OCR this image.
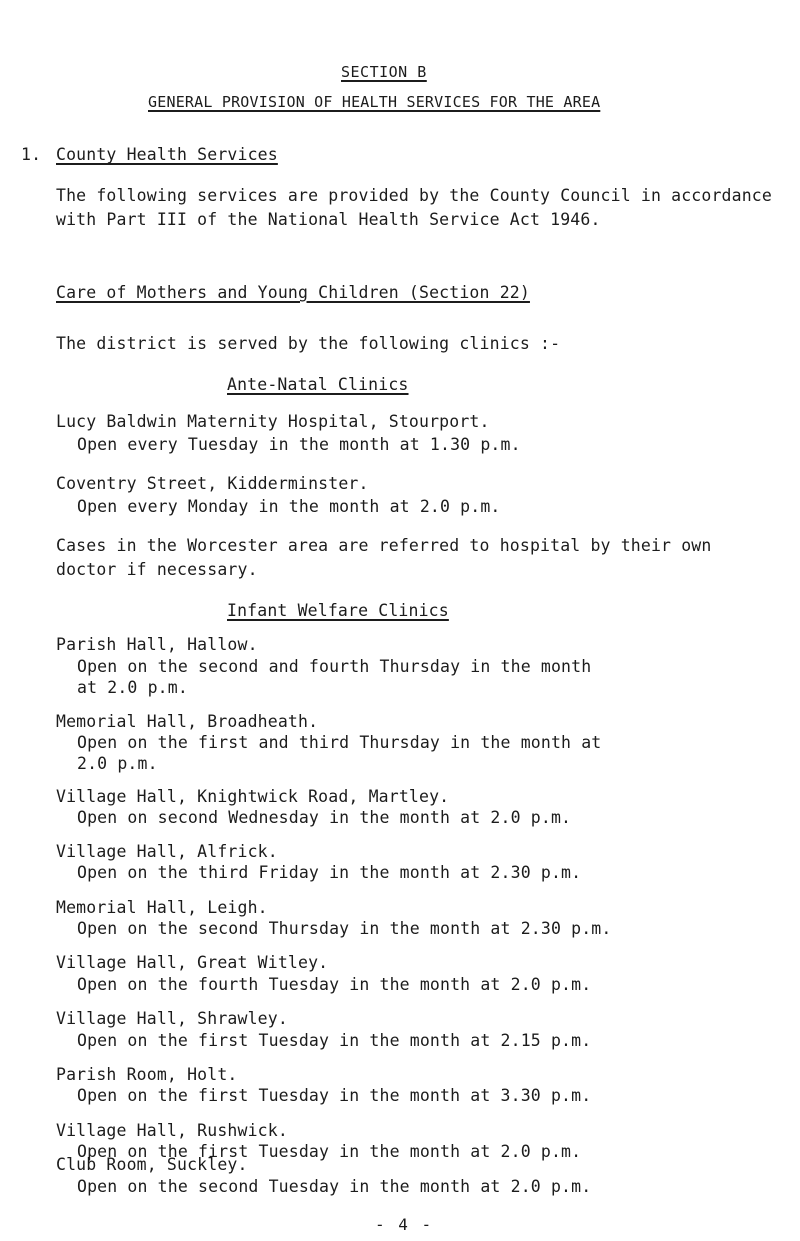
SECTION B
GENERAL PROVISION OF HEALTH SERVICES FOR THE AREA
1. County Health Services
The following services are provided by the County Council in accordance with Part III of the National Health Service Act 1946.
Care of Mothers and Young Children (Section 22)
The district is served by the following clinics :-
Ante-Natal Clinics
Lucy Baldwin Maternity Hospital, Stourport.
Open every Tuesday in the month at 1.30 p.m.
Coventry Street, Kidderminster.
Open every Monday in the month at 2.0 p.m.
Cases in the Worcester area are referred to hospital by their own doctor if necessary.
Infant Welfare Clinics
Parish Hall, Hallow.
Open on the second and fourth Thursday in the month
at 2.0 p.m.
Memorial Hall, Broadheath.
Open on the first and third Thursday in the month at
2.0 p.m.
Village Hall, Knightwick Road, Martley.
Open on second Wednesday in the month at 2.0 p.m.
Village Hall, Alfrick.
Open on the third Friday in the month at 2.30 p.m.
Memorial Hall, Leigh.
Open on the second Thursday in the month at 2.30 p.m.
Village Hall, Great Witley.
Open on the fourth Tuesday in the month at 2.0 p.m.
Village Hall, Shrawley.
Open on the first Tuesday in the month at 2.15 p.m.
Parish Room, Holt.
Open on the first Tuesday in the month at 3.30 p.m.
Village Hall, Rushwick.
Open on the first Tuesday in the month at 2.0 p.m.
Club Room, Suckley.
Open on the second Tuesday in the month at 2.0 p.m.
- 4 -
